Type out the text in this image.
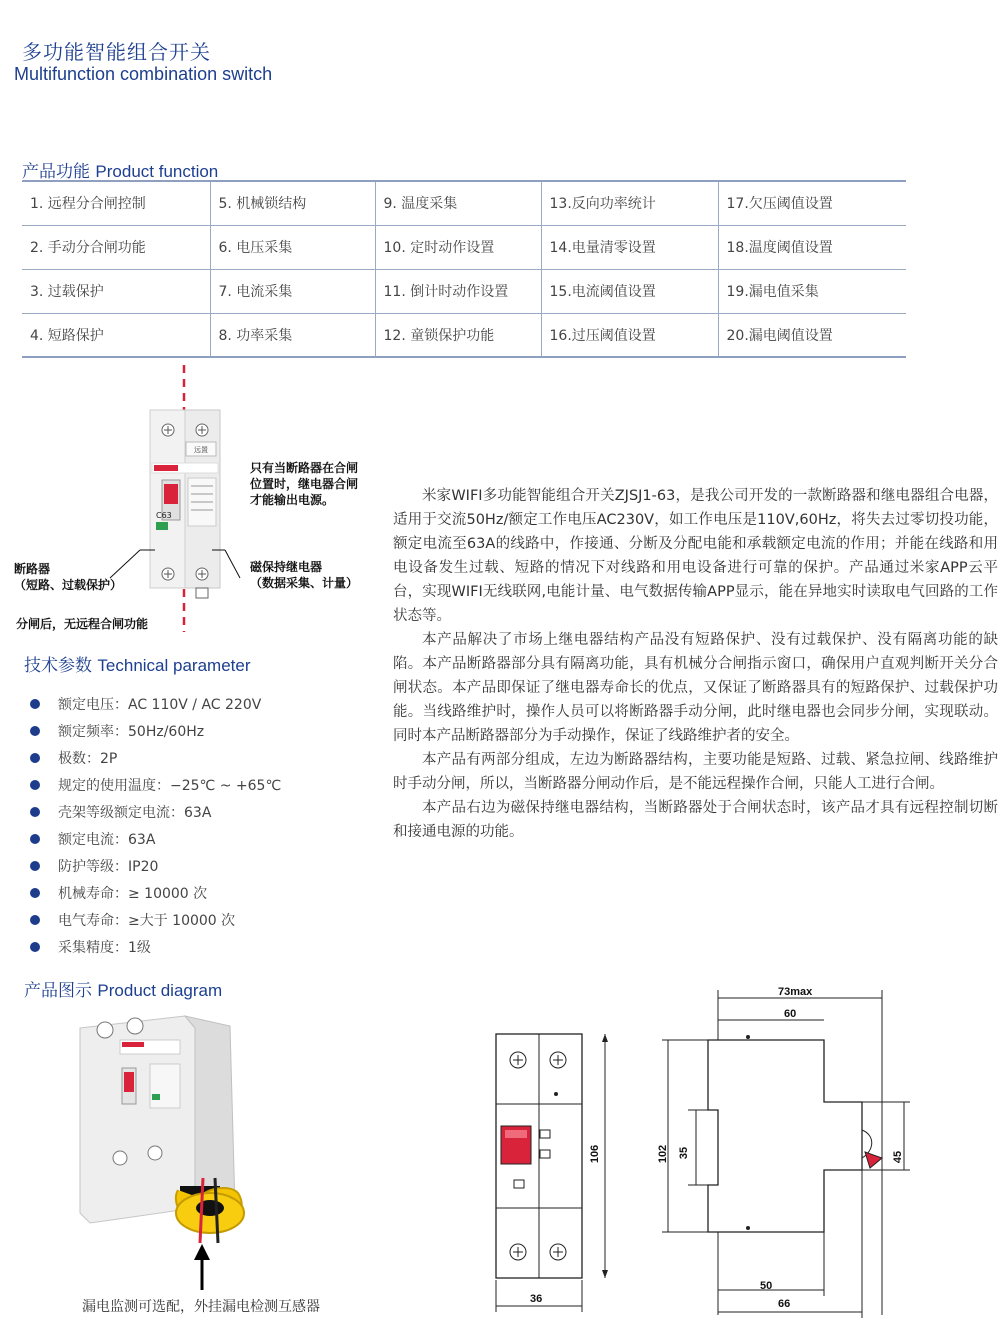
多功能智能组合开关
Multifunction combination switch
产品功能 Product function
1. 远程分合闸控制	5. 机械锁结构	9. 温度采集	13.反向功率统计	17.欠压阈值设置
2. 手动分合闸功能	6. 电压采集	10. 定时动作设置	14.电量清零设置	18.温度阈值设置
3. 过载保护	7. 电流采集	11. 倒计时动作设置	15.电流阈值设置	19.漏电值采集
4. 短路保护	8. 功率采集	12. 童锁保护功能	16.过压阈值设置	20.漏电阈值设置
远置
C63
只有当断路器在合闸
位置时，继电器合闸
才能输出电源。
断路器
（短路、过载保护）
磁保持继电器
（数据采集、计量）
分闸后，无远程合闸功能
技术参数 Technical parameter
额定电压：AC 110V / AC 220V
额定频率：50Hz/60Hz
极数：2P
规定的使用温度：−25℃ ~ +65℃
壳架等级额定电流：63A
额定电流：63A
防护等级：IP20
机械寿命：≥ 10000 次
电气寿命：≥大于 10000 次
采集精度：1级

米家WIFI多功能智能组合开关ZJSJ1-63，是我公司开发的一款断路器和继电器组合电器，适用于交流50Hz/额定工作电压AC230V，如工作电压是110V,60Hz，将失去过零切投功能，额定电流至63A的线路中，作接通、分断及分配电能和承载额定电流的作用；并能在线路和用电设备发生过载、短路的情况下对线路和用电设备进行可靠的保护。产品通过米家APP云平台，实现WIFI无线联网,电能计量、电气数据传输APP显示，能在异地实时读取电气回路的工作状态等。

本产品解决了市场上继电器结构产品没有短路保护、没有过载保护、没有隔离功能的缺陷。本产品断路器部分具有隔离功能，具有机械分合闸指示窗口，确保用户直观判断开关分合闸状态。本产品即保证了继电器寿命长的优点，又保证了断路器具有的短路保护、过载保护功能。当线路维护时，操作人员可以将断路器手动分闸，此时继电器也会同步分闸，实现联动。同时本产品断路器部分为手动操作，保证了线路维护者的安全。

本产品有两部分组成，左边为断路器结构，主要功能是短路、过载、紧急拉闸、线路维护时手动分闸，所以，当断路器分闸动作后，是不能远程操作合闸，只能人工进行合闸。

本产品右边为磁保持继电器结构，当断路器处于合闸状态时，该产品才具有远程控制切断和接通电源的功能。

产品图示 Product diagram
漏电监测可选配，外挂漏电检测互感器
106
36
73max
60
102 35	45
50
66
